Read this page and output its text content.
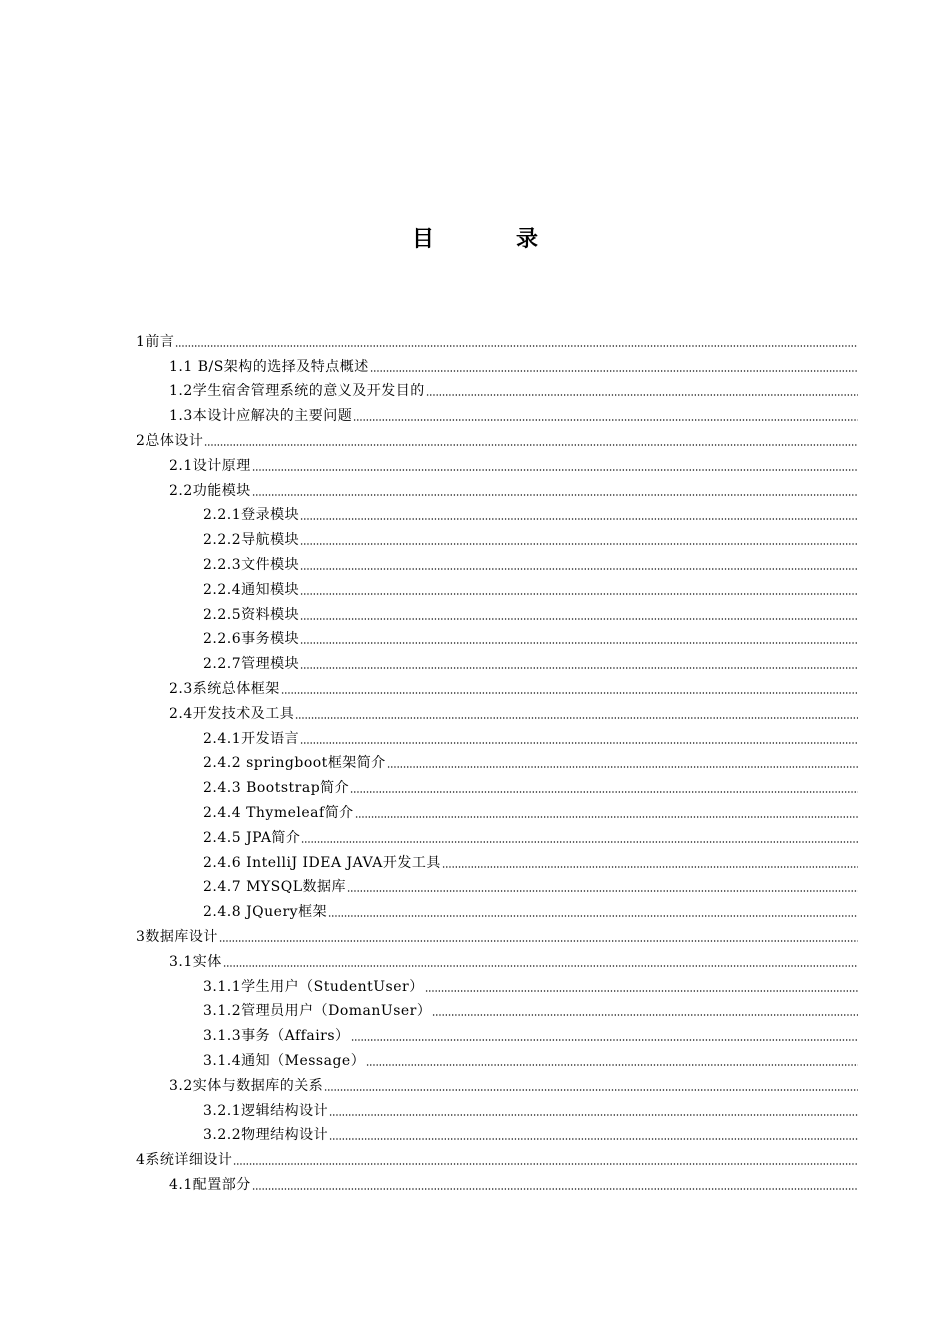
目　录
1前言
1.1 B/S架构的选择及特点概述
1.2学生宿舍管理系统的意义及开发目的
1.3本设计应解决的主要问题
2总体设计
2.1设计原理
2.2功能模块
2.2.1登录模块
2.2.2导航模块
2.2.3文件模块
2.2.4通知模块
2.2.5资料模块
2.2.6事务模块
2.2.7管理模块
2.3系统总体框架
2.4开发技术及工具
2.4.1开发语言
2.4.2 springboot框架简介
2.4.3 Bootstrap简介
2.4.4 Thymeleaf简介
2.4.5 JPA简介
2.4.6 IntelliJ IDEA JAVA开发工具
2.4.7 MYSQL数据库
2.4.8 JQuery框架
3数据库设计
3.1实体
3.1.1学生用户（StudentUser）
3.1.2管理员用户（DomanUser）
3.1.3事务（Affairs）
3.1.4通知（Message）
3.2实体与数据库的关系
3.2.1逻辑结构设计
3.2.2物理结构设计
4系统详细设计
4.1配置部分
